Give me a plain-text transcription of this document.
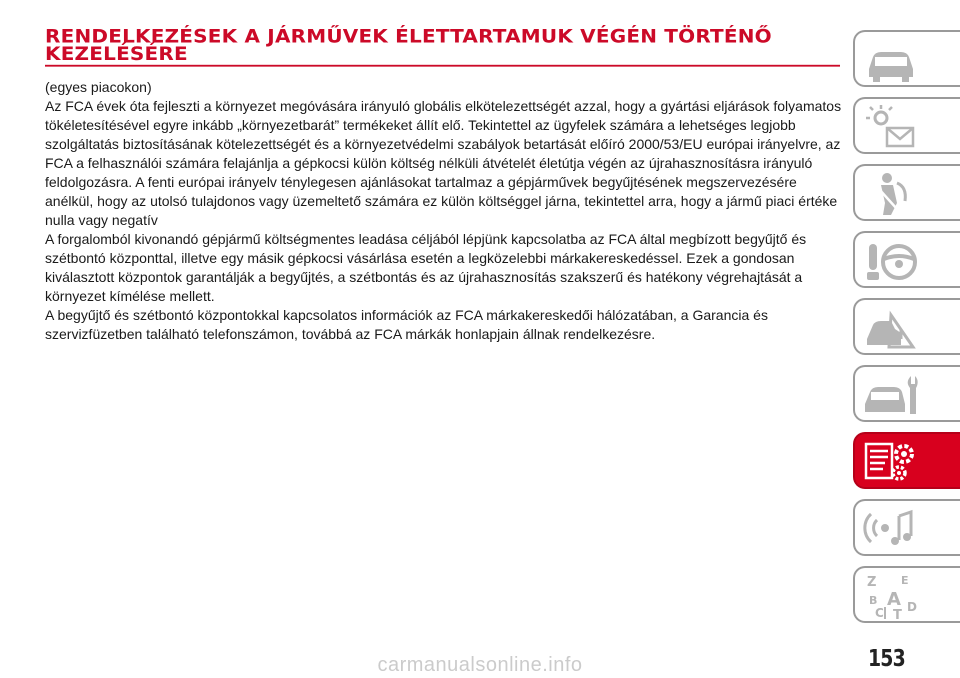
RENDELKEZÉSEK A JÁRMŰVEK ÉLETTARTAMUK VÉGÉN TÖRTÉNŐ
KEZELÉSÉRE

(egyes piacokon)

Az FCA évek óta fejleszti a környezet megóvására irányuló globális elkötelezettségét azzal, hogy a gyártási eljárások folyamatos tökéletesítésével egyre inkább „környezetbarát” termékeket állít elő. Tekintettel az ügyfelek számára a lehetséges legjobb szolgáltatás biztosításának kötelezettségét és a környezetvédelmi szabályok betartását előíró 2000/53/EU európai irányelvre, az FCA a felhasználói számára felajánlja a gépkocsi külön költség nélküli átvételét életútja végén az újrahasznosításra irányuló feldolgozásra. A fenti európai irányelv ténylegesen ajánlásokat tartalmaz a gépjárművek begyűjtésének megszervezésére anélkül, hogy az utolsó tulajdonos vagy üzemeltető számára ez külön költséggel járna, tekintettel arra, hogy a jármű piaci értéke nulla vagy negatív

A forgalomból kivonandó gépjármű költségmentes leadása céljából lépjünk kapcsolatba az FCA által megbízott begyűjtő és szétbontó központtal, illetve egy másik gépkocsi vásárlása esetén a legközelebbi márkakereskedéssel. Ezek a gondosan kiválasztott központok garantálják a begyűjtés, a szétbontás és az újrahasznosítás szakszerű és hatékony végrehajtását a környezet kímélése mellett.

A begyűjtő és szétbontó központokkal kapcsolatos információk az FCA márkakereskedői hálózatában, a Garancia és szervizfüzetben található telefonszámon, továbbá az FCA márkák honlapjain állnak rendelkezésre.

Z E
B A
C D
T
153
carmanualsonline.info
